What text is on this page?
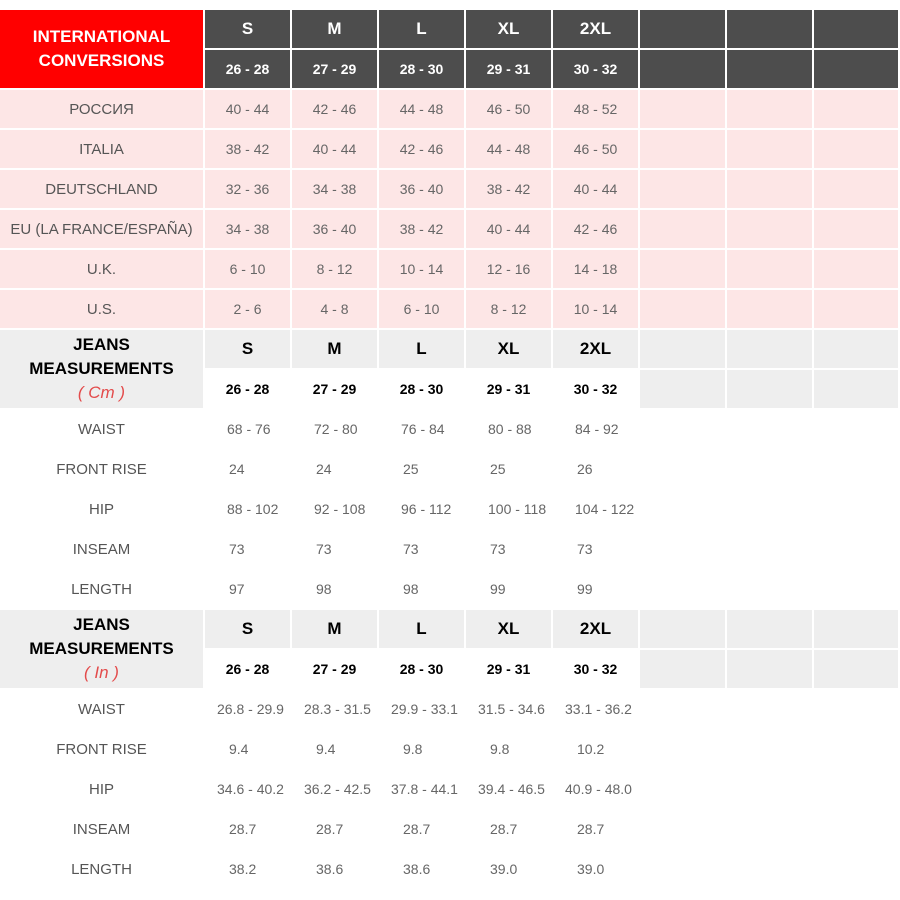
INTERNATIONAL
CONVERSIONS	S	M	L	XL	2XL			
	26 - 28	27 - 29	28 - 30	29 - 31	30 - 32			
РОССИЯ	40 - 44	42 - 46	44 - 48	46 - 50	48 - 52			
ITALIA	38 - 42	40 - 44	42 - 46	44 - 48	46 - 50			
DEUTSCHLAND	32 - 36	34 - 38	36 - 40	38 - 42	40 - 44			
EU (LA FRANCE/ESPAÑA)	34 - 38	36 - 40	38 - 42	40 - 44	42 - 46			
U.K.	6 - 10	8 - 12	10 - 14	12 - 16	14 - 18			
U.S.	2 - 6	4 - 8	6 - 10	8 - 12	10 - 14			

JEANS
MEASUREMENTS
( Cm )	S	M	L	XL	2XL			
	26 - 28	27 - 29	28 - 30	29 - 31	30 - 32			
WAIST	68 - 76	72 - 80	76 - 84	80 - 88	84 - 92			
FRONT RISE	24	24	25	25	26			
HIP	88 - 102	92 - 108	96 - 112	100 - 118	104 - 122			
INSEAM	73	73	73	73	73			
LENGTH	97	98	98	99	99			

JEANS
MEASUREMENTS
( In )	S	M	L	XL	2XL			
	26 - 28	27 - 29	28 - 30	29 - 31	30 - 32			
WAIST	26.8 - 29.9	28.3 - 31.5	29.9 - 33.1	31.5 - 34.6	33.1 - 36.2			
FRONT RISE	9.4	9.4	9.8	9.8	10.2			
HIP	34.6 - 40.2	36.2 - 42.5	37.8 - 44.1	39.4 - 46.5	40.9 - 48.0			
INSEAM	28.7	28.7	28.7	28.7	28.7			
LENGTH	38.2	38.6	38.6	39.0	39.0			
